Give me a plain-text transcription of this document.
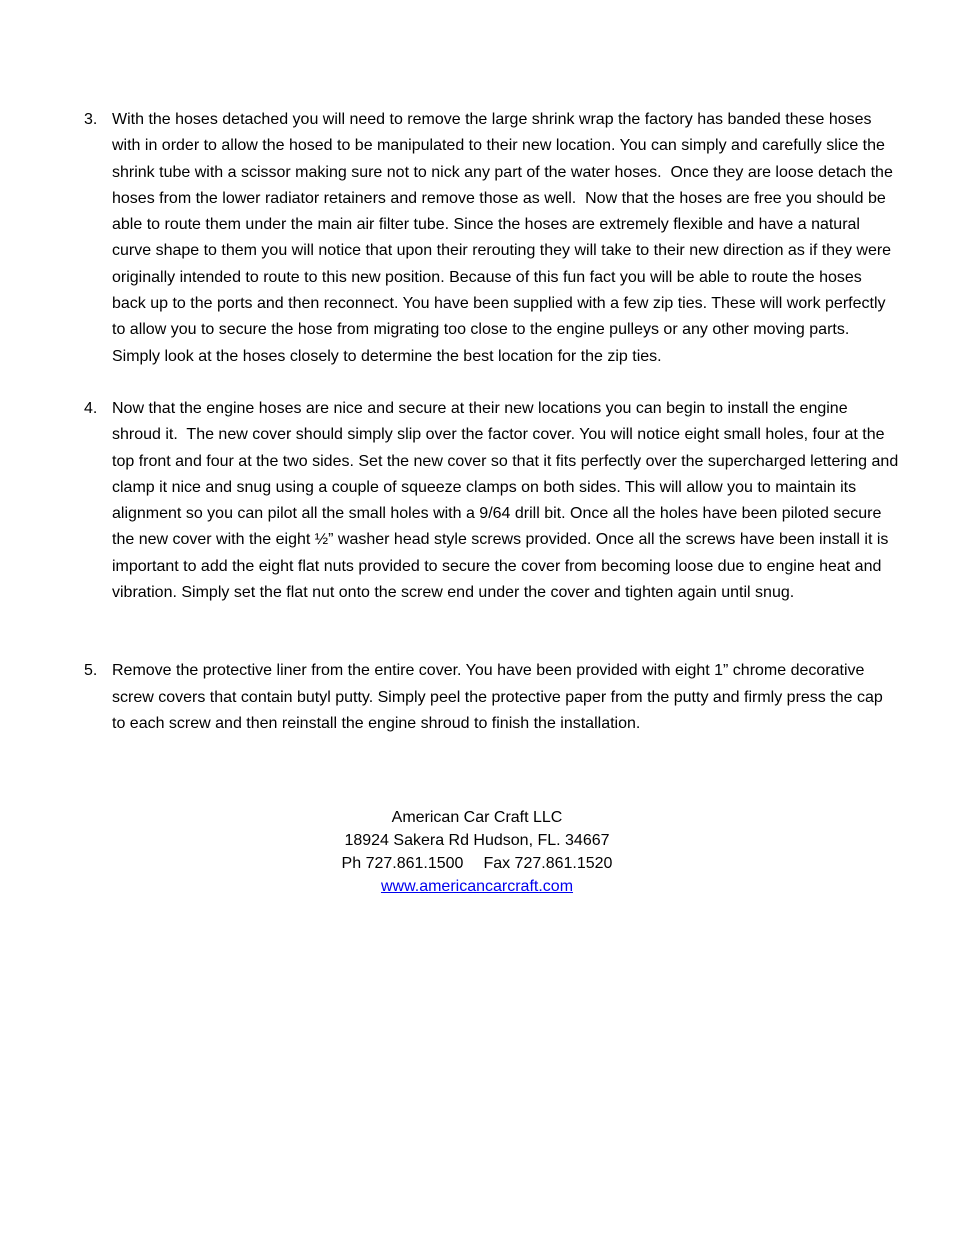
3. With the hoses detached you will need to remove the large shrink wrap the factory has banded these hoses with in order to allow the hosed to be manipulated to their new location. You can simply and carefully slice the shrink tube with a scissor making sure not to nick any part of the water hoses.  Once they are loose detach the hoses from the lower radiator retainers and remove those as well.  Now that the hoses are free you should be able to route them under the main air filter tube. Since the hoses are extremely flexible and have a natural curve shape to them you will notice that upon their rerouting they will take to their new direction as if they were originally intended to route to this new position. Because of this fun fact you will be able to route the hoses back up to the ports and then reconnect. You have been supplied with a few zip ties. These will work perfectly to allow you to secure the hose from migrating too close to the engine pulleys or any other moving parts. Simply look at the hoses closely to determine the best location for the zip ties.
4. Now that the engine hoses are nice and secure at their new locations you can begin to install the engine shroud it.  The new cover should simply slip over the factor cover. You will notice eight small holes, four at the top front and four at the two sides. Set the new cover so that it fits perfectly over the supercharged lettering and clamp it nice and snug using a couple of squeeze clamps on both sides. This will allow you to maintain its alignment so you can pilot all the small holes with a 9/64 drill bit. Once all the holes have been piloted secure the new cover with the eight ½” washer head style screws provided. Once all the screws have been install it is important to add the eight flat nuts provided to secure the cover from becoming loose due to engine heat and vibration. Simply set the flat nut onto the screw end under the cover and tighten again until snug.
5. Remove the protective liner from the entire cover. You have been provided with eight 1” chrome decorative screw covers that contain butyl putty. Simply peel the protective paper from the putty and firmly press the cap to each screw and then reinstall the engine shroud to finish the installation.
American Car Craft LLC
18924 Sakera Rd Hudson, FL. 34667
Ph 727.861.1500 Fax 727.861.1520
www.americancarcraft.com
